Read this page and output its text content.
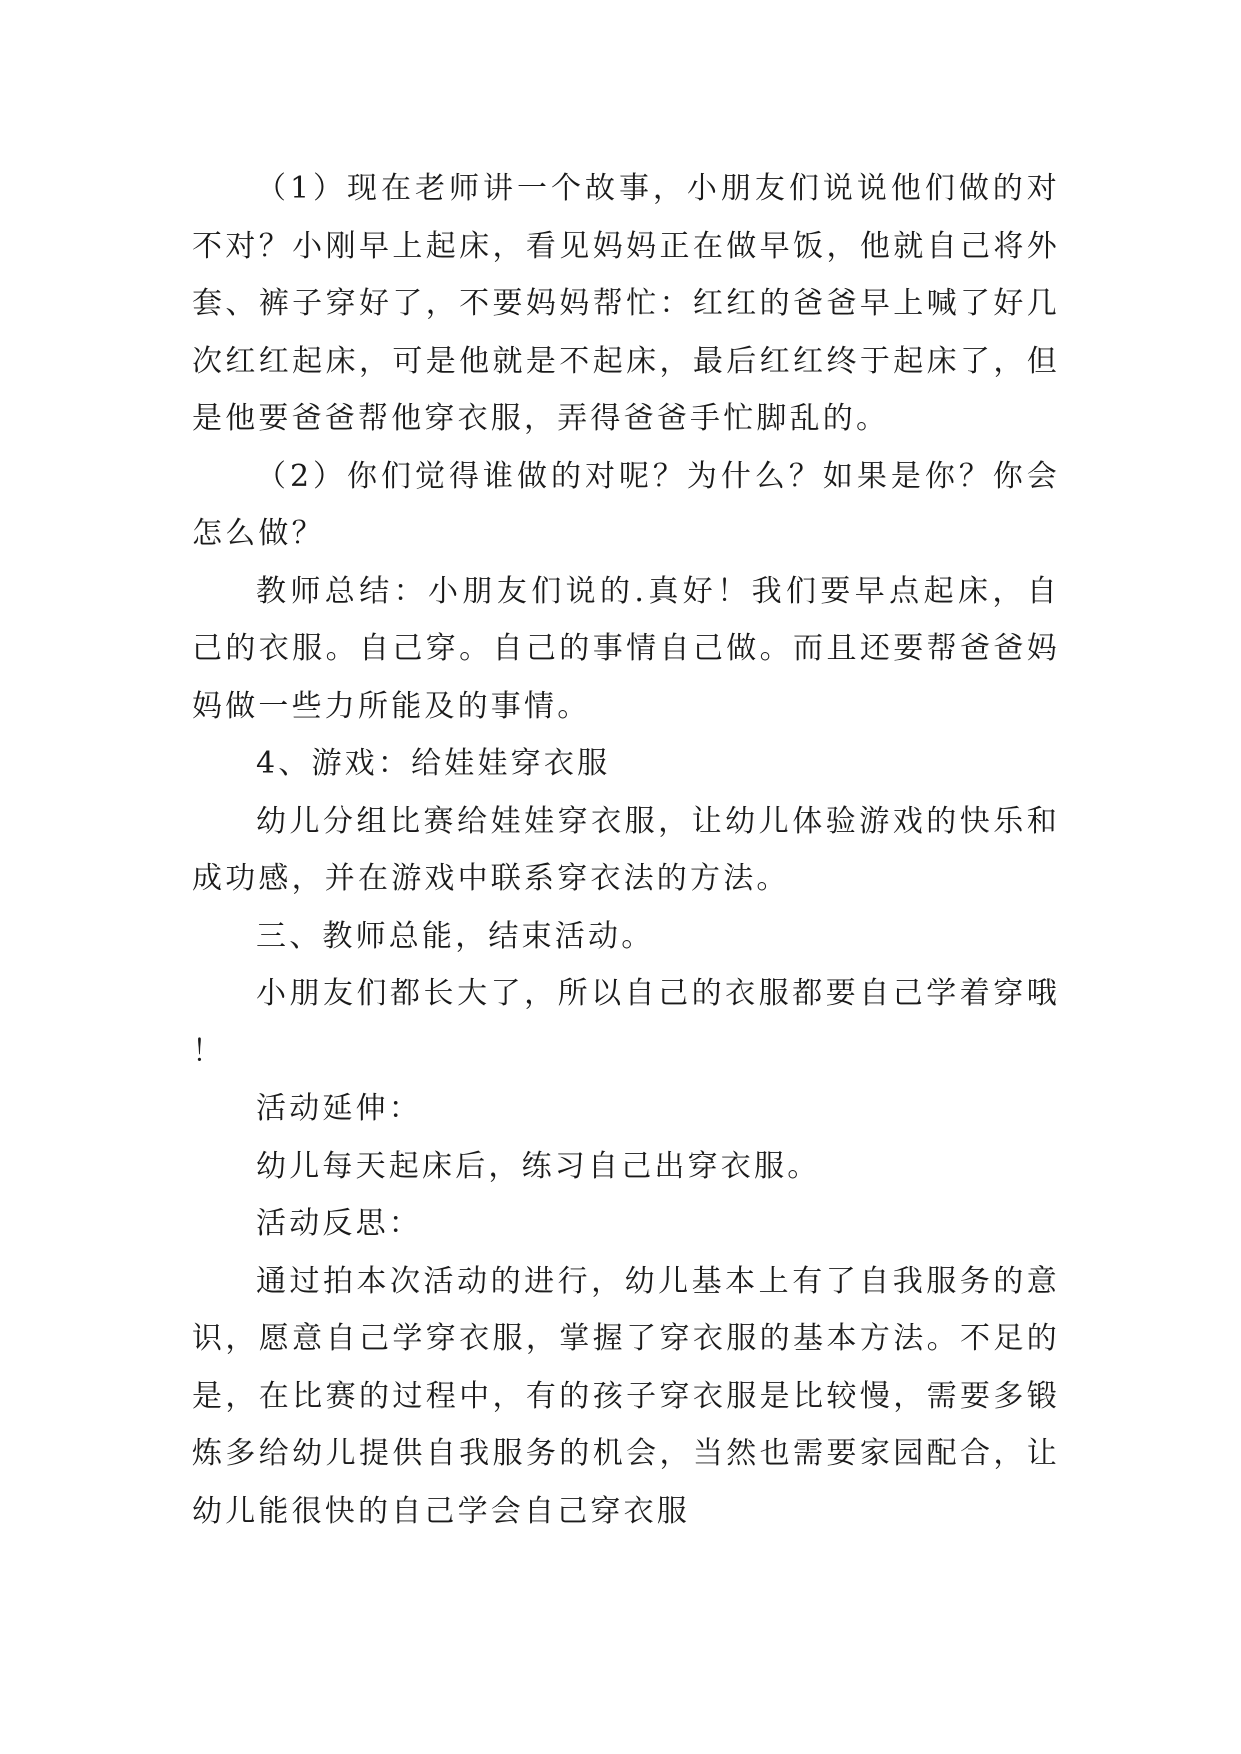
（1）现在老师讲一个故事，小朋友们说说他们做的对不对？小刚早上起床，看见妈妈正在做早饭，他就自己将外套、裤子穿好了，不要妈妈帮忙：红红的爸爸早上喊了好几次红红起床，可是他就是不起床，最后红红终于起床了，但是他要爸爸帮他穿衣服，弄得爸爸手忙脚乱的。

（2）你们觉得谁做的对呢？为什么？如果是你？你会怎么做？

教师总结：小朋友们说的.真好！我们要早点起床，自己的衣服。自己穿。自己的事情自己做。而且还要帮爸爸妈妈做一些力所能及的事情。

4、游戏：给娃娃穿衣服

幼儿分组比赛给娃娃穿衣服，让幼儿体验游戏的快乐和成功感，并在游戏中联系穿衣法的方法。

三、教师总能，结束活动。

小朋友们都长大了，所以自己的衣服都要自己学着穿哦！

活动延伸：

幼儿每天起床后，练习自己出穿衣服。

活动反思：

通过拍本次活动的进行，幼儿基本上有了自我服务的意识，愿意自己学穿衣服，掌握了穿衣服的基本方法。不足的是，在比赛的过程中，有的孩子穿衣服是比较慢，需要多锻炼多给幼儿提供自我服务的机会，当然也需要家园配合，让幼儿能很快的自己学会自己穿衣服
